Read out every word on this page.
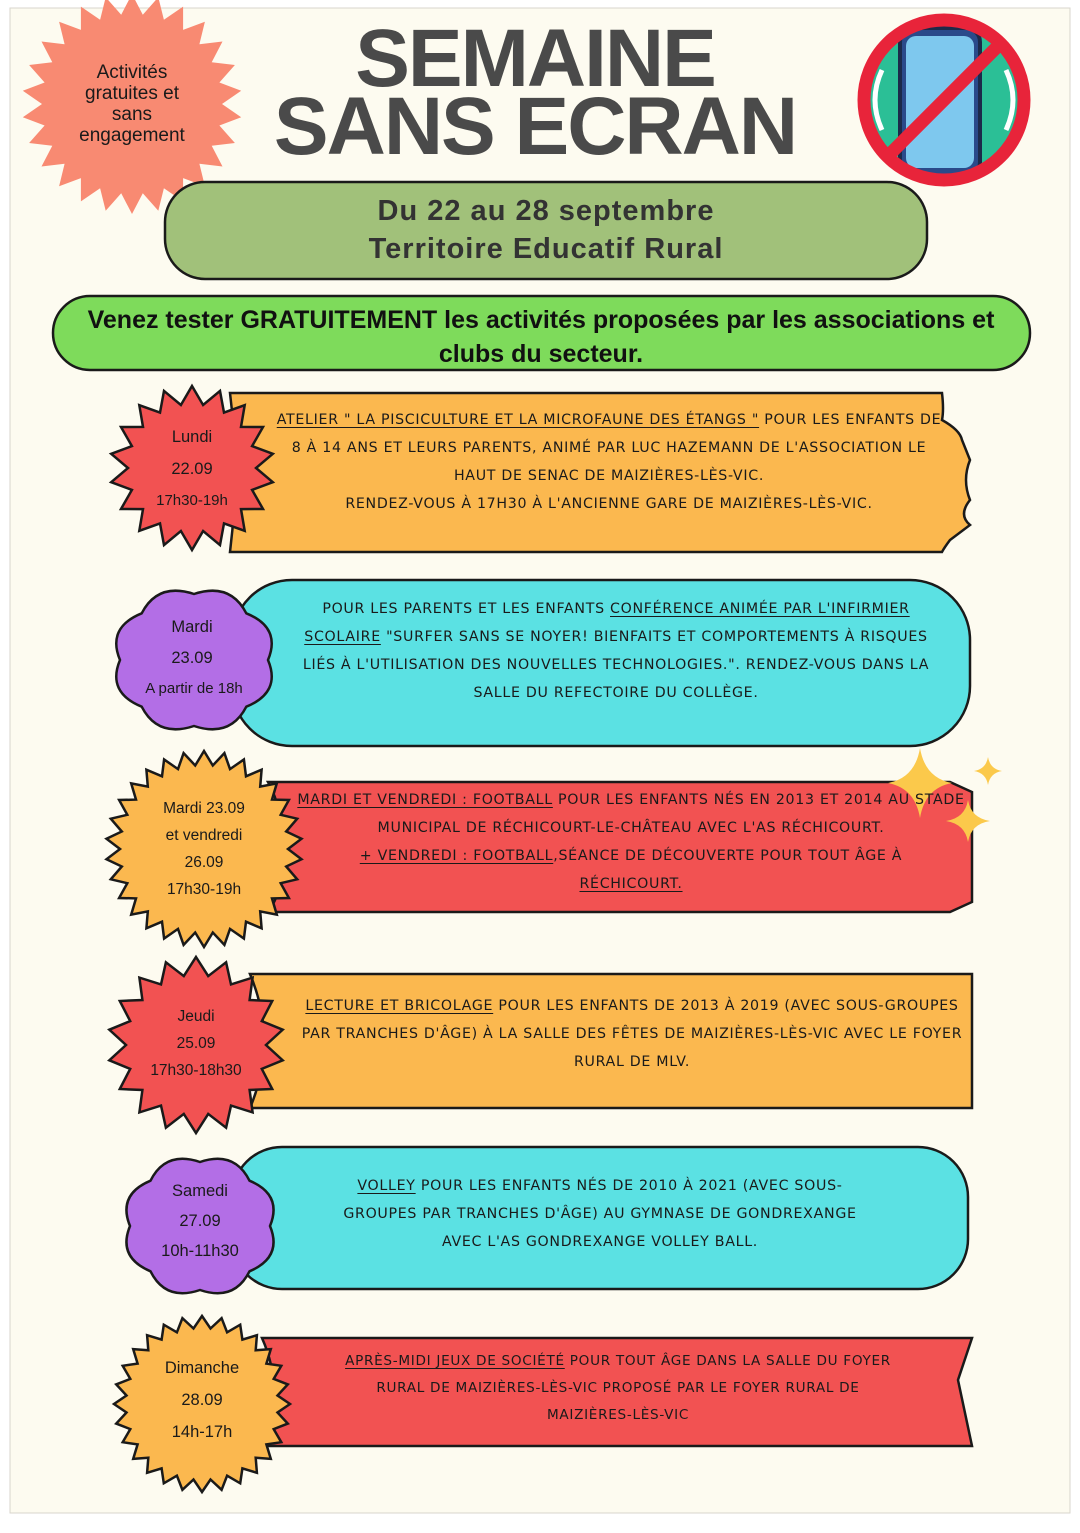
Activités
gratuites et
sans
engagement
SEMAINE
SANS ECRAN
Du 22 au 28 septembre
Territoire Educatif Rural
Lundi
22.09
17h30-19h
Mardi
23.09
A partir de 18h
Mardi 23.09
et vendredi
26.09
17h30-19h
Jeudi
25.09
17h30-18h30
Samedi
27.09
10h-11h30
Dimanche
28.09
14h-17h
Venez tester GRATUITEMENT les activités proposées par les associations et clubs du secteur.
ATELIER " LA PISCICULTURE ET LA MICROFAUNE DES ÉTANGS " POUR LES ENFANTS DE 8 À 14 ANS ET LEURS PARENTS, ANIMÉ PAR LUC HAZEMANN DE L'ASSOCIATION LE HAUT DE SENAC DE MAIZIÈRES-LÈS-VIC.
RENDEZ-VOUS À 17H30 À L'ANCIENNE GARE DE MAIZIÈRES-LÈS-VIC.
POUR LES PARENTS ET LES ENFANTS CONFÉRENCE ANIMÉE PAR L'INFIRMIER SCOLAIRE "SURFER SANS SE NOYER! BIENFAITS ET COMPORTEMENTS À RISQUES LIÉS À L'UTILISATION DES NOUVELLES TECHNOLOGIES.". RENDEZ-VOUS DANS LA SALLE DU REFECTOIRE DU COLLÈGE.
MARDI ET VENDREDI : FOOTBALL POUR LES ENFANTS NÉS EN 2013 ET 2014 AU STADE MUNICIPAL DE RÉCHICOURT-LE-CHÂTEAU AVEC L'AS RÉCHICOURT.
+ VENDREDI : FOOTBALL,SÉANCE DE DÉCOUVERTE POUR TOUT ÂGE À
RÉCHICOURT.
LECTURE ET BRICOLAGE POUR LES ENFANTS DE 2013 À 2019 (AVEC SOUS-GROUPES PAR TRANCHES D'ÂGE) À LA SALLE DES FÊTES DE MAIZIÈRES-LÈS-VIC AVEC LE FOYER RURAL DE MLV.
VOLLEY POUR LES ENFANTS NÉS DE 2010 À 2021 (AVEC SOUS-GROUPES PAR TRANCHES D'ÂGE) AU GYMNASE DE GONDREXANGE AVEC L'AS GONDREXANGE VOLLEY BALL.
APRÈS-MIDI JEUX DE SOCIÉTÉ POUR TOUT ÂGE DANS LA SALLE DU FOYER RURAL DE MAIZIÈRES-LÈS-VIC PROPOSÉ PAR LE FOYER RURAL DE MAIZIÈRES-LÈS-VIC
